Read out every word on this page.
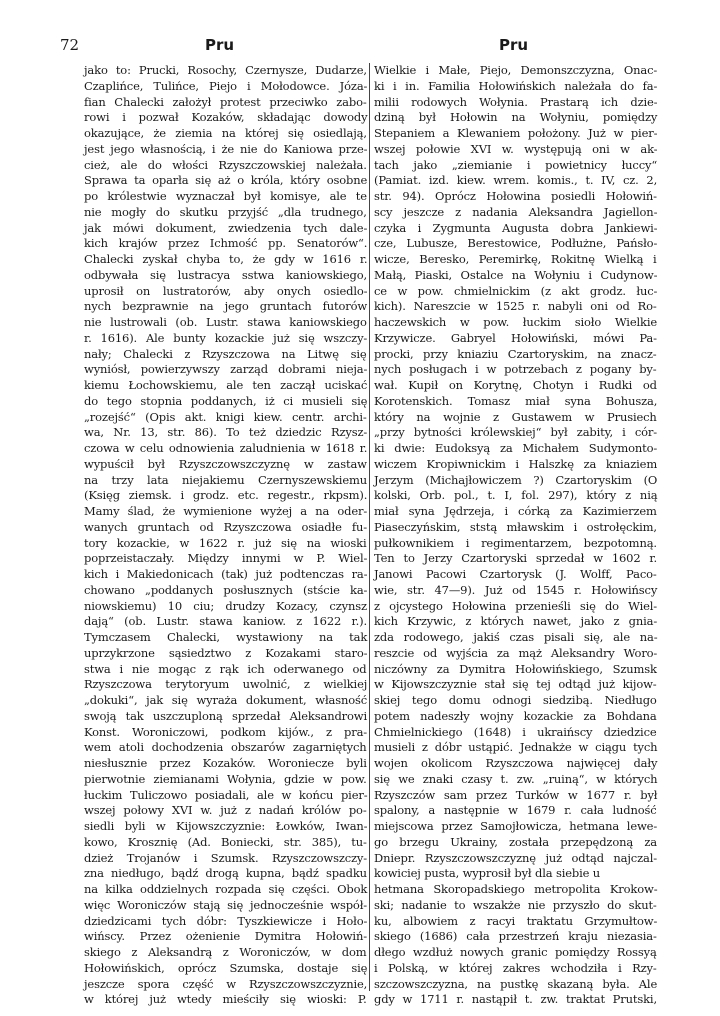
72	Pru	Pru
jako to: Prucki, Rosochy, Czernysze, Dudarze,
Czaplińce, Tulińce, Piejo i Mołodowce. Józa-
fian Chalecki założył protest przeciwko zabo-
rowi i pozwał Kozaków, składając dowody
okazujące, że ziemia na której się osiedlają,
jest jego własnością, i że nie do Kaniowa prze-
cież, ale do włości Rzyszczowskiej należała.
Sprawa ta oparła się aż o króla, który osobne
po królestwie wyznaczał był komisye, ale te
nie mogły do skutku przyjść „dla trudnego,
jak mówi dokument, zwiedzenia tych dale-
kich krajów przez Ichmość pp. Senatorów“.
Chalecki zyskał chyba to, że gdy w 1616 r.
odbywała się lustracya sstwa kaniowskiego,
uprosił on lustratorów, aby onych osiedlo-
nych bezprawnie na jego gruntach futorów
nie lustrowali (ob. Lustr. stawa kaniowskiego
r. 1616). Ale bunty kozackie już się wszczy-
nały; Chalecki z Rzyszczowa na Litwę się
wyniósł, powierzywszy zarząd dobrami nieja-
kiemu Łochowskiemu, ale ten zaczął uciskać
do tego stopnia poddanych, iż ci musieli się
„rozejść“ (Opis akt. knigi kiew. centr. archi-
wa, Nr. 13, str. 86). To też dziedzic Rzysz-
czowa w celu odnowienia zaludnienia w 1618 r.
wypuścił był Rzyszczowszczyznę w zastaw
na trzy lata niejakiemu Czernyszewskiemu
(Księg ziemsk. i grodz. etc. regestr., rkpsm).
Mamy ślad, że wymienione wyżej a na oder-
wanych gruntach od Rzyszczowa osiadłe fu-
tory kozackie, w 1622 r. już się na wioski
poprzeistaczały. Między innymi w P. Wiel-
kich i Makiedonicach (tak) już podtenczas ra-
chowano „poddanych posłusznych (stście ka-
niowskiemu) 10 ciu; drudzy Kozacy, czynsz
dają“ (ob. Lustr. stawa kaniow. z 1622 r.).
Tymczasem Chalecki, wystawiony na tak
uprzykrzone sąsiedztwo z Kozakami staro-
stwa i nie mogąc z rąk ich oderwanego od
Rzyszczowa terytoryum uwolnić, z wielkiej
„dokuki“, jak się wyraża dokument, własność
swoją tak uszczuploną sprzedał Aleksandrowi
Konst. Woroniczowi, podkom kijów., z pra-
wem atoli dochodzenia obszarów zagarniętych
niesłusznie przez Kozaków. Woroniecze byli
pierwotnie ziemianami Wołynia, gdzie w pow.
łuckim Tuliczowo posiadali, ale w końcu pier-
wszej połowy XVI w. już z nadań królów po-
siedli byli w Kijowszczyznie: Łowków, Iwan-
kowo, Krosznię (Ad. Boniecki, str. 385), tu-
dzież Trojanów i Szumsk. Rzyszczowszczy-
zna niedługo, bądź drogą kupna, bądź spadku
na kilka oddzielnych rozpada się części. Obok
więc Woroniczów stają się jednocześnie współ-
dziedzicami tych dóbr: Tyszkiewicze i Hoło-
wińscy. Przez ożenienie Dymitra Hołowiń-
skiego z Aleksandrą z Woroniczów, w dom
Hołowińskich, oprócz Szumska, dostaje się
jeszcze spora część w Rzyszczowszczyznie,
w której już wtedy mieściły się wioski: P.
Wielkie i Małe, Piejo, Demonszczyzna, Onac-
ki i in. Familia Hołowińskich należała do fa-
milii rodowych Wołynia. Prastarą ich dzie-
dziną był Hołowin na Wołyniu, pomiędzy
Stepaniem a Klewaniem położony. Już w pier-
wszej połowie XVI w. występują oni w ak-
tach jako „ziemianie i powietnicy łuccy“
(Pamiat. izd. kiew. wrem. komis., t. IV, cz. 2,
str. 94). Oprócz Hołowina posiedli Hołowiń-
scy jeszcze z nadania Aleksandra Jagiellon-
czyka i Zygmunta Augusta dobra Jankiewi-
cze, Lubusze, Berestowice, Podłużne, Pańsło-
wicze, Bereskо, Peremirkę, Rokitnę Wielką i
Małą, Piaski, Ostalce na Wołyniu i Cudynow-
ce w pow. chmielnickim (z akt grodz. łuc-
kich). Nareszcie w 1525 r. nabyli oni od Ro-
haczewskich w pow. łuckim sioło Wielkie
Krzywicze. Gabryel Hołowiński, mówi Pa-
procki, przy kniaziu Czartoryskim, na znacz-
nych posługach i w potrzebach z pogany by-
wał. Kupił on Korytnę, Chotyn i Rudki od
Korotenskich. Tomasz miał syna Bohusza,
który na wojnie z Gustawem w Prusiech
„przy bytności królewskiej“ był zabity, i cór-
ki dwie: Eudoksyą za Michałem Sudymonto-
wiczem Kropiwnickim i Halszkę za kniaziem
Jerzym (Michajłowiczem ?) Czartoryskim (O
kolski, Orb. pol., t. I, fol. 297), który z nią
miał syna Jędrzeja, i córką za Kazimierzem
Piaseczyńskim, ststą mławskim i ostrołęckim,
pułkownikiem i regimentarzem, bezpotomną.
Ten to Jerzy Czartoryski sprzedał w 1602 r.
Janowi Pacowi Czartorysk (J. Wolff, Paco-
wie, str. 47—9). Już od 1545 r. Hołowińscy
z ojcystego Hołowina przenieśli się do Wiel-
kich Krzywic, z których nawet, jako z gnia-
zda rodowego, jakiś czas pisali się, ale na-
reszcie od wyjścia za mąż Aleksandry Woro-
niczówny za Dymitra Hołowińskiego, Szumsk
w Kijowszczyznie stał się tej odtąd już kijow-
skiej tego domu odnogi siedzibą. Niedługo
potem nadeszły wojny kozackie za Bohdana
Chmielnickiego (1648) i ukraińscy dziedzice
musieli z dóbr ustąpić. Jednakże w ciągu tych
wojen okolicom Rzyszczowa najwięcej dały
się we znaki czasy t. zw. „ruiną“, w których
Rzyszczów sam przez Turków w 1677 r. był
spalony, a następnie w 1679 r. cała ludność
miejscowa przez Samojłowicza, hetmana lewe-
go brzegu Ukrainy, została przepędzoną za
Dniepr. Rzyszczowszczyznę już odtąd najczal-
kowiciej pusta, wyprosił był dla siebie u
hetmana Skoropadskiego metropolita Krokow-
ski; nadanie to wszakże nie przyszło do skut-
ku, albowiem z racyi traktatu Grzymułtow-
skiego (1686) cała przestrzeń kraju niezasia-
dłego wzdłuż nowych granic pomiędzy Rossyą
i Polską, w której zakres wchodziła i Rzy-
szczowszczyzna, na pustkę skazaną była. Ale
gdy w 1711 r. nastąpił t. zw. traktat Prutski,
